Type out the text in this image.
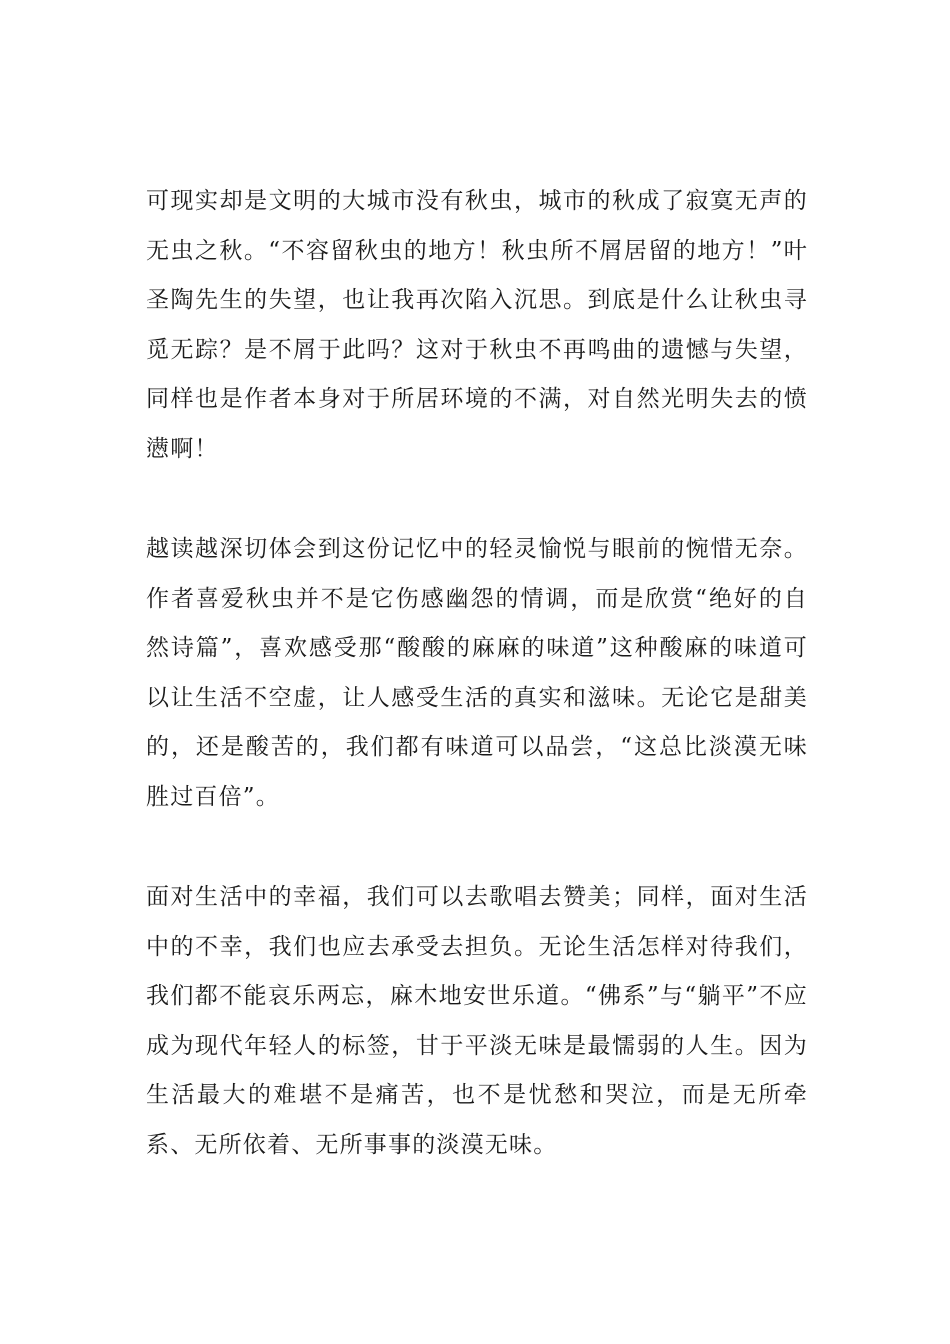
可现实却是文明的大城市没有秋虫，城市的秋成了寂寞无声的无虫之秋。“不容留秋虫的地方！秋虫所不屑居留的地方！”叶圣陶先生的失望，也让我再次陷入沉思。到底是什么让秋虫寻觅无踪？是不屑于此吗？这对于秋虫不再鸣曲的遗憾与失望，同样也是作者本身对于所居环境的不满，对自然光明失去的愤懑啊！

越读越深切体会到这份记忆中的轻灵愉悦与眼前的惋惜无奈。作者喜爱秋虫并不是它伤感幽怨的情调，而是欣赏“绝好的自然诗篇”，喜欢感受那“酸酸的麻麻的味道”这种酸麻的味道可以让生活不空虚，让人感受生活的真实和滋味。无论它是甜美的，还是酸苦的，我们都有味道可以品尝，“这总比淡漠无味胜过百倍”。

面对生活中的幸福，我们可以去歌唱去赞美；同样，面对生活中的不幸，我们也应去承受去担负。无论生活怎样对待我们，我们都不能哀乐两忘，麻木地安世乐道。“佛系”与“躺平”不应成为现代年轻人的标签，甘于平淡无味是最懦弱的人生。因为生活最大的难堪不是痛苦，也不是忧愁和哭泣，而是无所牵系、无所依着、无所事事的淡漠无味。
